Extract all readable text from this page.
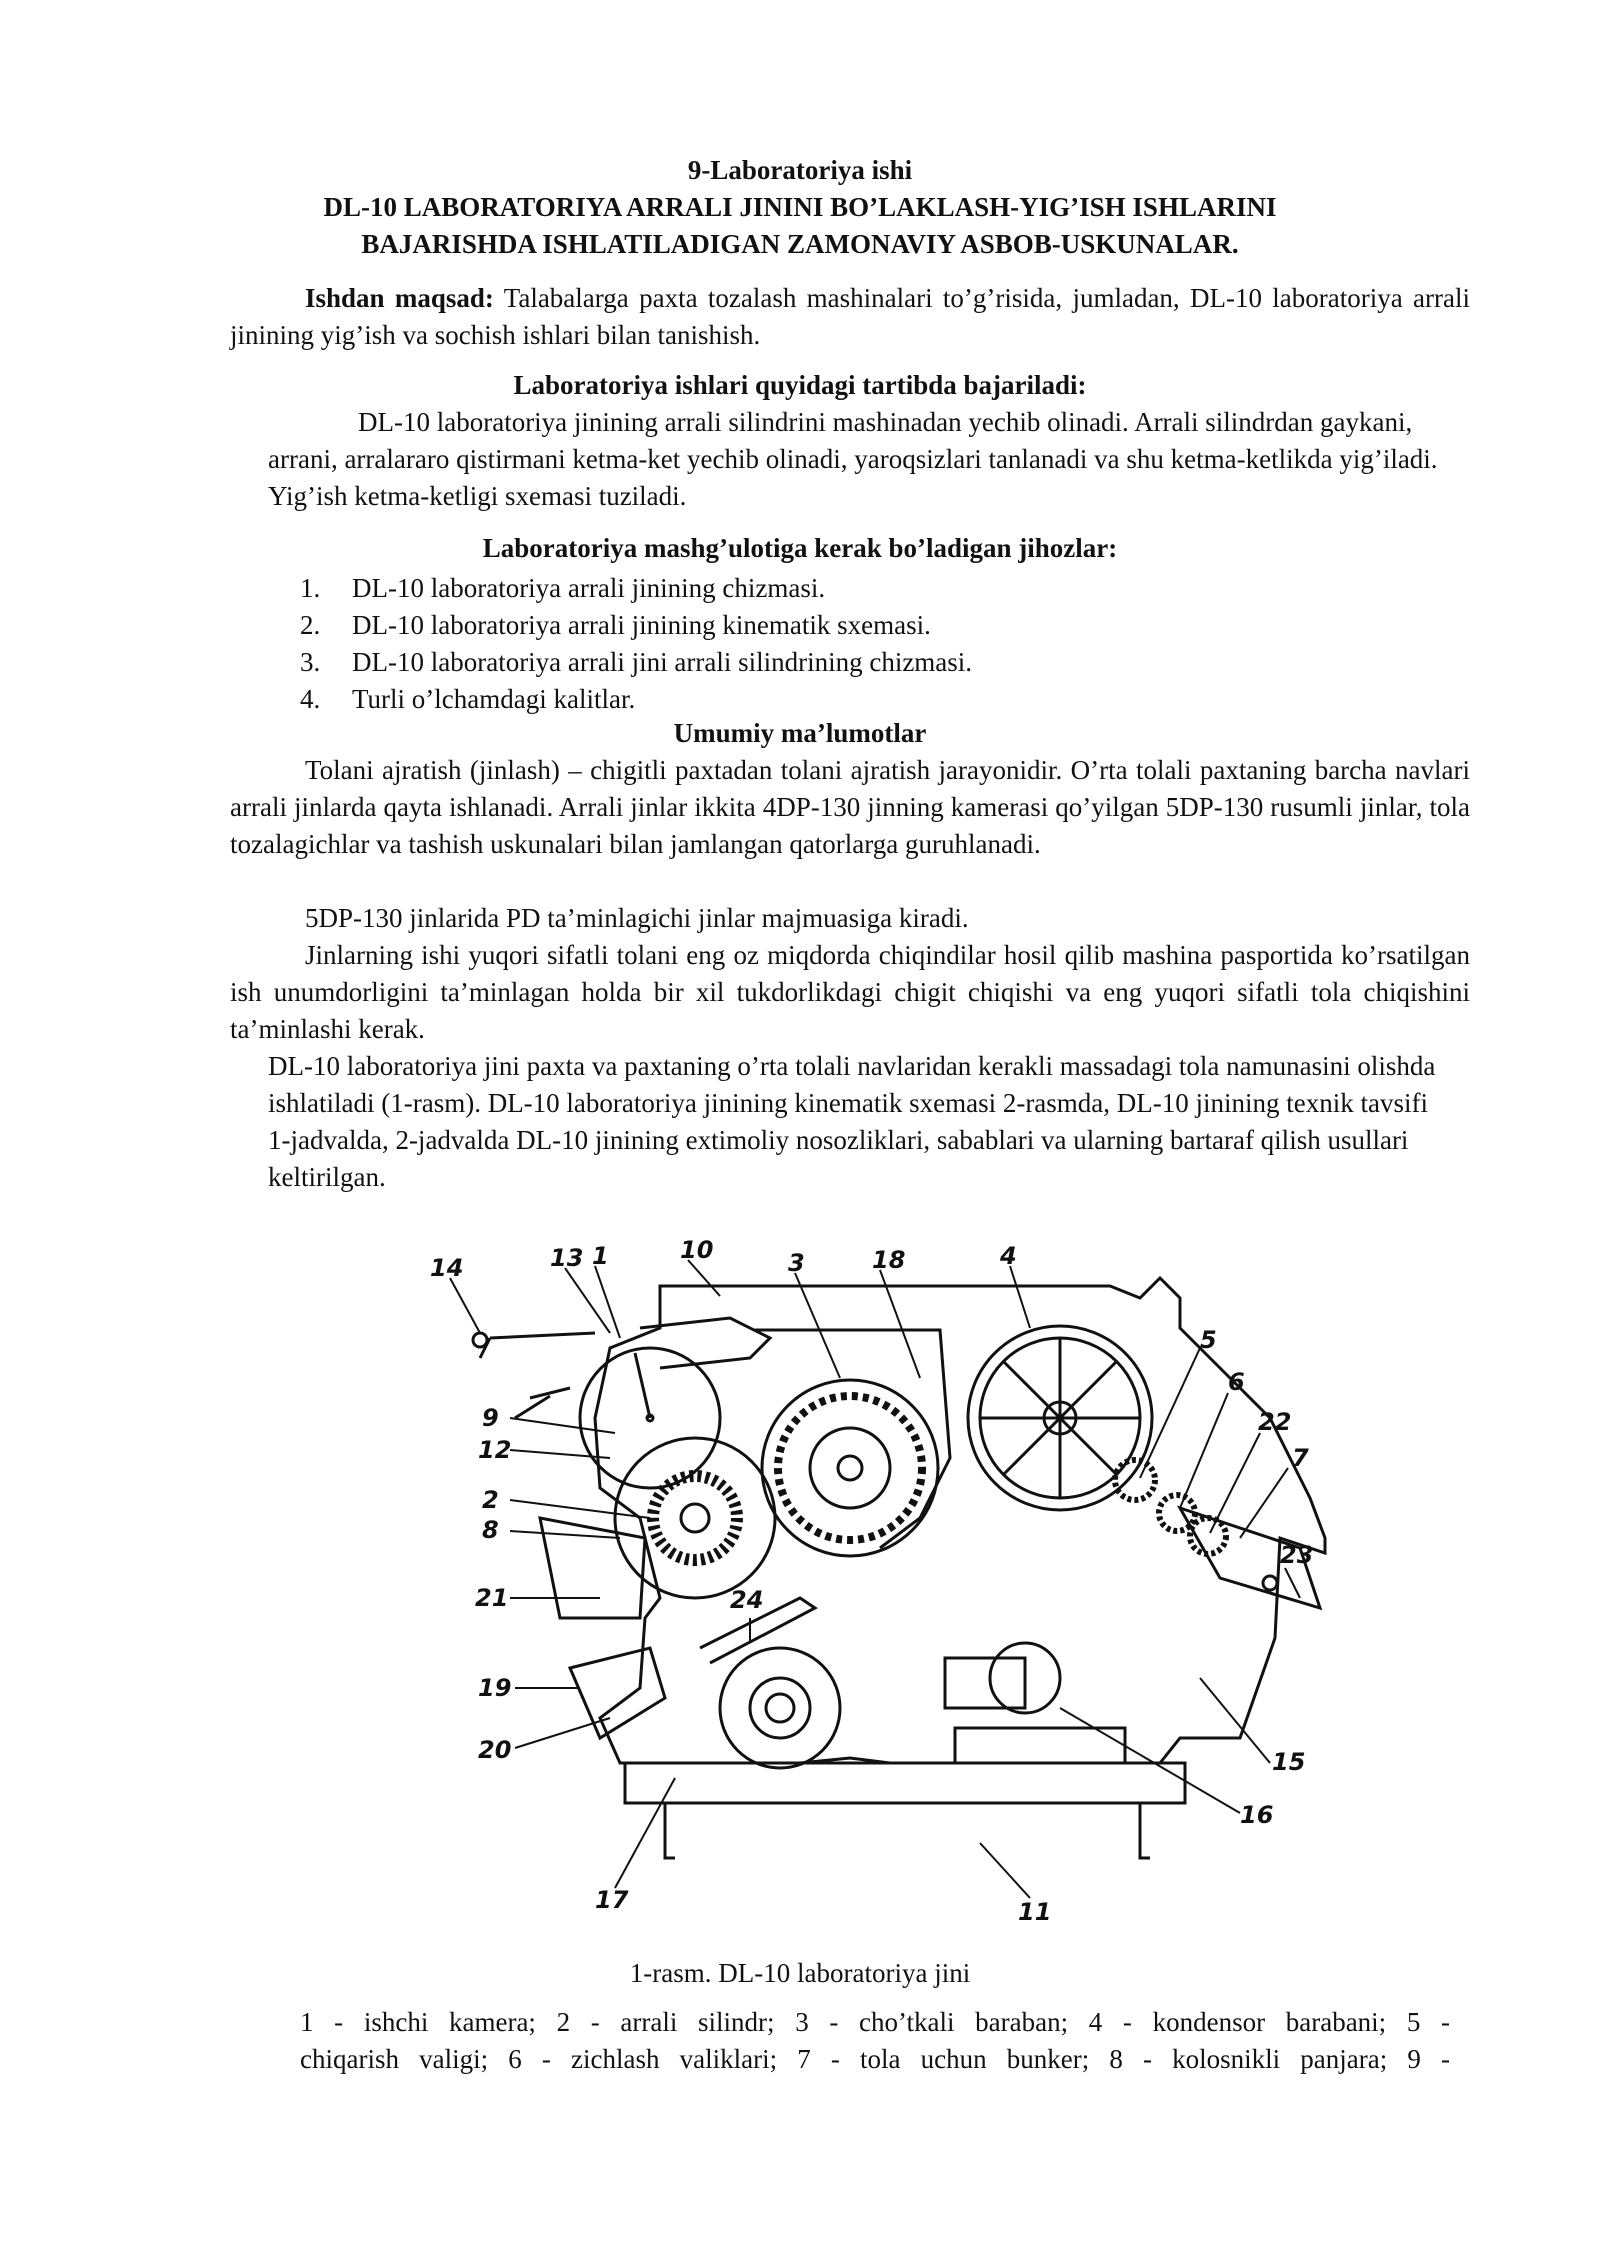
9-Laboratoriya ishi
DL-10 LABORATORIYA ARRALI JININI BO’LAKLASH-YIG’ISH ISHLARINI
BAJARISHDA ISHLATILADIGAN ZAMONAVIY ASBOB-USKUNALAR.
Ishdan maqsad: Talabalarga paxta tozalash mashinalari to’g’risida, jumladan, DL-10 laboratoriya arrali jinining yig’ish va sochish ishlari bilan tanishish.
Laboratoriya ishlari quyidagi tartibda bajariladi:
DL-10 laboratoriya jinining arrali silindrini mashinadan yechib olinadi. Arrali silindrdan gaykani, arrani, arralararo qistirmani ketma-ket yechib olinadi, yaroqsizlari tanlanadi va shu ketma-ketlikda yig’iladi. Yig’ish ketma-ketligi sxemasi tuziladi.
Laboratoriya mashg’ulotiga kerak bo’ladigan jihozlar:
1.	DL-10 laboratoriya arrali jinining chizmasi.
2.	DL-10 laboratoriya arrali jinining kinematik sxemasi.
3.	DL-10 laboratoriya arrali jini arrali silindrining chizmasi.
4.	Turli o’lchamdagi kalitlar.
Umumiy ma’lumotlar
Tolani ajratish (jinlash) – chigitli paxtadan tolani ajratish jarayonidir. O’rta tolali paxtaning barcha navlari arrali jinlarda qayta ishlanadi. Arrali jinlar ikkita 4DP-130 jinning kamerasi qo’yilgan 5DP-130 rusumli jinlar, tola tozalagichlar va tashish uskunalari bilan jamlangan qatorlarga guruhlanadi.
5DP-130 jinlarida PD ta’minlagichi jinlar majmuasiga kiradi.
Jinlarning ishi yuqori sifatli tolani eng oz miqdorda chiqindilar hosil qilib mashina pasportida ko’rsatilgan ish unumdorligini ta’minlagan holda bir xil tukdorlikdagi chigit chiqishi va eng yuqori sifatli tola chiqishini ta’minlashi kerak.
DL-10 laboratoriya jini paxta va paxtaning o’rta tolali navlaridan kerakli massadagi tola namunasini olishda ishlatiladi (1-rasm). DL-10 laboratoriya jinining kinematik sxemasi 2-rasmda, DL-10 jinining texnik tavsifi 1-jadvalda, 2-jadvalda DL-10 jinining extimoliy nosozliklari, sabablari va ularning bartaraf qilish usullari keltirilgan.
14	13 1	10	3	18	4
5
6
22
7
9
12
2
8
21	24
23
19
20	15
16
17	11
1-rasm. DL-10 laboratoriya jini
1 - ishchi kamera; 2 - arrali silindr; 3 - cho’tkali baraban; 4 - kondensor barabani; 5 -
chiqarish valigi; 6 - zichlash valiklari; 7 - tola uchun bunker; 8 - kolosnikli panjara; 9 -
